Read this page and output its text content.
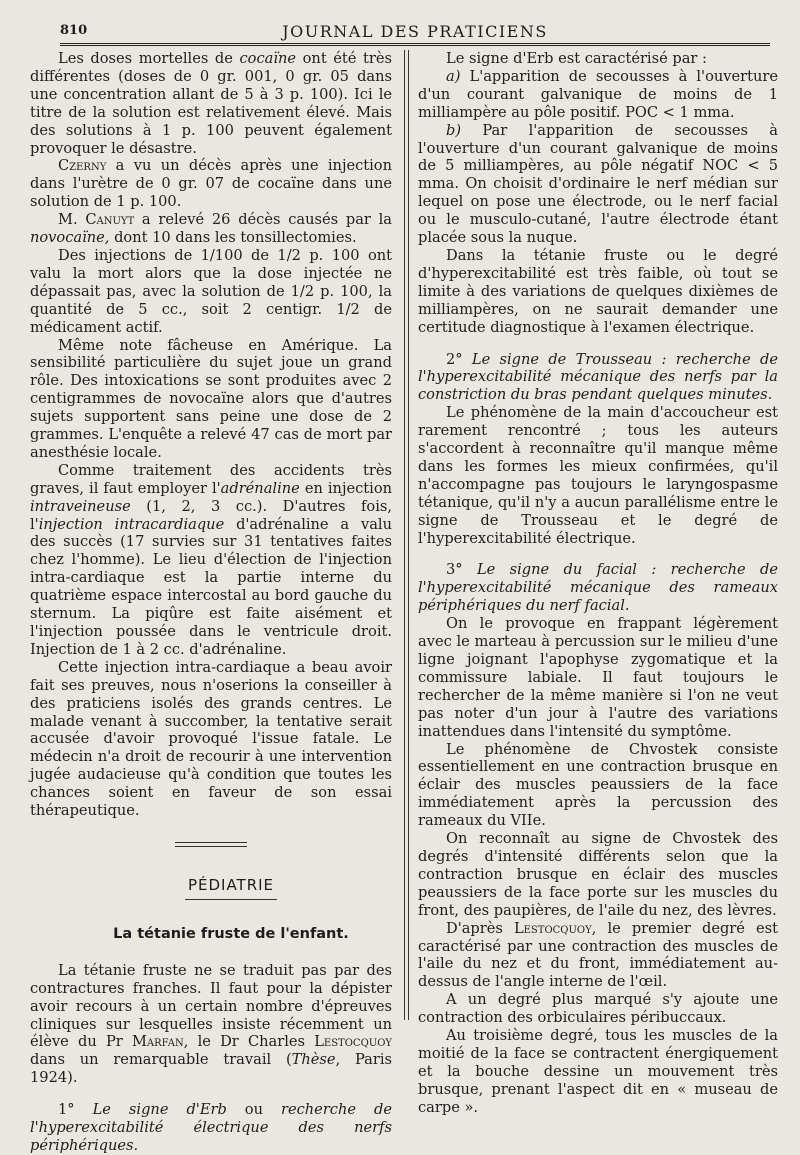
810	JOURNAL DES PRATICIENS

Les doses mortelles de cocaïne ont été très différentes (doses de 0 gr. 001, 0 gr. 05 dans une concentration allant de 5 à 3 p. 100). Ici le titre de la solution est relativement élevé. Mais des solutions à 1 p. 100 peuvent également provoquer le désastre.

Czerny a vu un décès après une injection dans l'urètre de 0 gr. 07 de cocaïne dans une solution de 1 p. 100.

M. Canuyt a relevé 26 décès causés par la novocaïne, dont 10 dans les tonsillectomies.

Des injections de 1/100 de 1/2 p. 100 ont valu la mort alors que la dose injectée ne dépassait pas, avec la solution de 1/2 p. 100, la quantité de 5 cc., soit 2 centigr. 1/2 de médicament actif.

Même note fâcheuse en Amérique. La sensibilité particulière du sujet joue un grand rôle. Des intoxications se sont produites avec 2 centigrammes de novocaïne alors que d'autres sujets supportent sans peine une dose de 2 grammes. L'enquête a relevé 47 cas de mort par anesthésie locale.

Comme traitement des accidents très graves, il faut employer l'adrénaline en injection intraveineuse (1, 2, 3 cc.). D'autres fois, l'injection intracardiaque d'adrénaline a valu des succès (17 survies sur 31 tentatives faites chez l'homme). Le lieu d'élection de l'injection intra-cardiaque est la partie interne du quatrième espace intercostal au bord gauche du sternum. La piqûre est faite aisément et l'injection poussée dans le ventricule droit. Injection de 1 à 2 cc. d'adrénaline.

Cette injection intra-cardiaque a beau avoir fait ses preuves, nous n'oserions la conseiller à des praticiens isolés des grands centres. Le malade venant à succomber, la tentative serait accusée d'avoir provoqué l'issue fatale. Le médecin n'a droit de recourir à une intervention jugée audacieuse qu'à condition que toutes les chances soient en faveur de son essai thérapeutique.

PÉDIATRIE
La tétanie fruste de l'enfant.

La tétanie fruste ne se traduit pas par des contractures franches. Il faut pour la dépister avoir recours à un certain nombre d'épreuves cliniques sur lesquelles insiste récemment un élève du Pr Marfan, le Dr Charles Lestocquoy dans un remarquable travail (Thèse, Paris 1924).

1° Le signe d'Erb ou recherche de l'hyperexcitabilité électrique des nerfs périphériques.

Le signe d'Erb est caractérisé par :

a) L'apparition de secousses à l'ouverture d'un courant galvanique de moins de 1 milliampère au pôle positif. POC < 1 mma.

b) Par l'apparition de secousses à l'ouverture d'un courant galvanique de moins de 5 milliampères, au pôle négatif NOC < 5 mma. On choisit d'ordinaire le nerf médian sur lequel on pose une électrode, ou le nerf facial ou le musculo-cutané, l'autre électrode étant placée sous la nuque.

Dans la tétanie fruste ou le degré d'hyperexcitabilité est très faible, où tout se limite à des variations de quelques dixièmes de milliampères, on ne saurait demander une certitude diagnostique à l'examen électrique.

2° Le signe de Trousseau : recherche de l'hyperexcitabilité mécanique des nerfs par la constriction du bras pendant quelques minutes.

Le phénomène de la main d'accoucheur est rarement rencontré ; tous les auteurs s'accordent à reconnaître qu'il manque même dans les formes les mieux confirmées, qu'il n'accompagne pas toujours le laryngospasme tétanique, qu'il n'y a aucun parallélisme entre le signe de Trousseau et le degré de l'hyperexcitabilité électrique.

3° Le signe du facial : recherche de l'hyperexcitabilité mécanique des rameaux périphériques du nerf facial.

On le provoque en frappant légèrement avec le marteau à percussion sur le milieu d'une ligne joignant l'apophyse zygomatique et la commissure labiale. Il faut toujours le rechercher de la même manière si l'on ne veut pas noter d'un jour à l'autre des variations inattendues dans l'intensité du symptôme.

Le phénomène de Chvostek consiste essentiellement en une contraction brusque en éclair des muscles peaussiers de la face immédiatement après la percussion des rameaux du VIIe.

On reconnaît au signe de Chvostek des degrés d'intensité différents selon que la contraction brusque en éclair des muscles peaussiers de la face porte sur les muscles du front, des paupières, de l'aile du nez, des lèvres.

D'après Lestocquoy, le premier degré est caractérisé par une contraction des muscles de l'aile du nez et du front, immédiatement au-dessus de l'angle interne de l'œil.

A un degré plus marqué s'y ajoute une contraction des orbiculaires péribuccaux.

Au troisième degré, tous les muscles de la moitié de la face se contractent énergiquement et la bouche dessine un mouvement très brusque, prenant l'aspect dit en « museau de carpe ».
